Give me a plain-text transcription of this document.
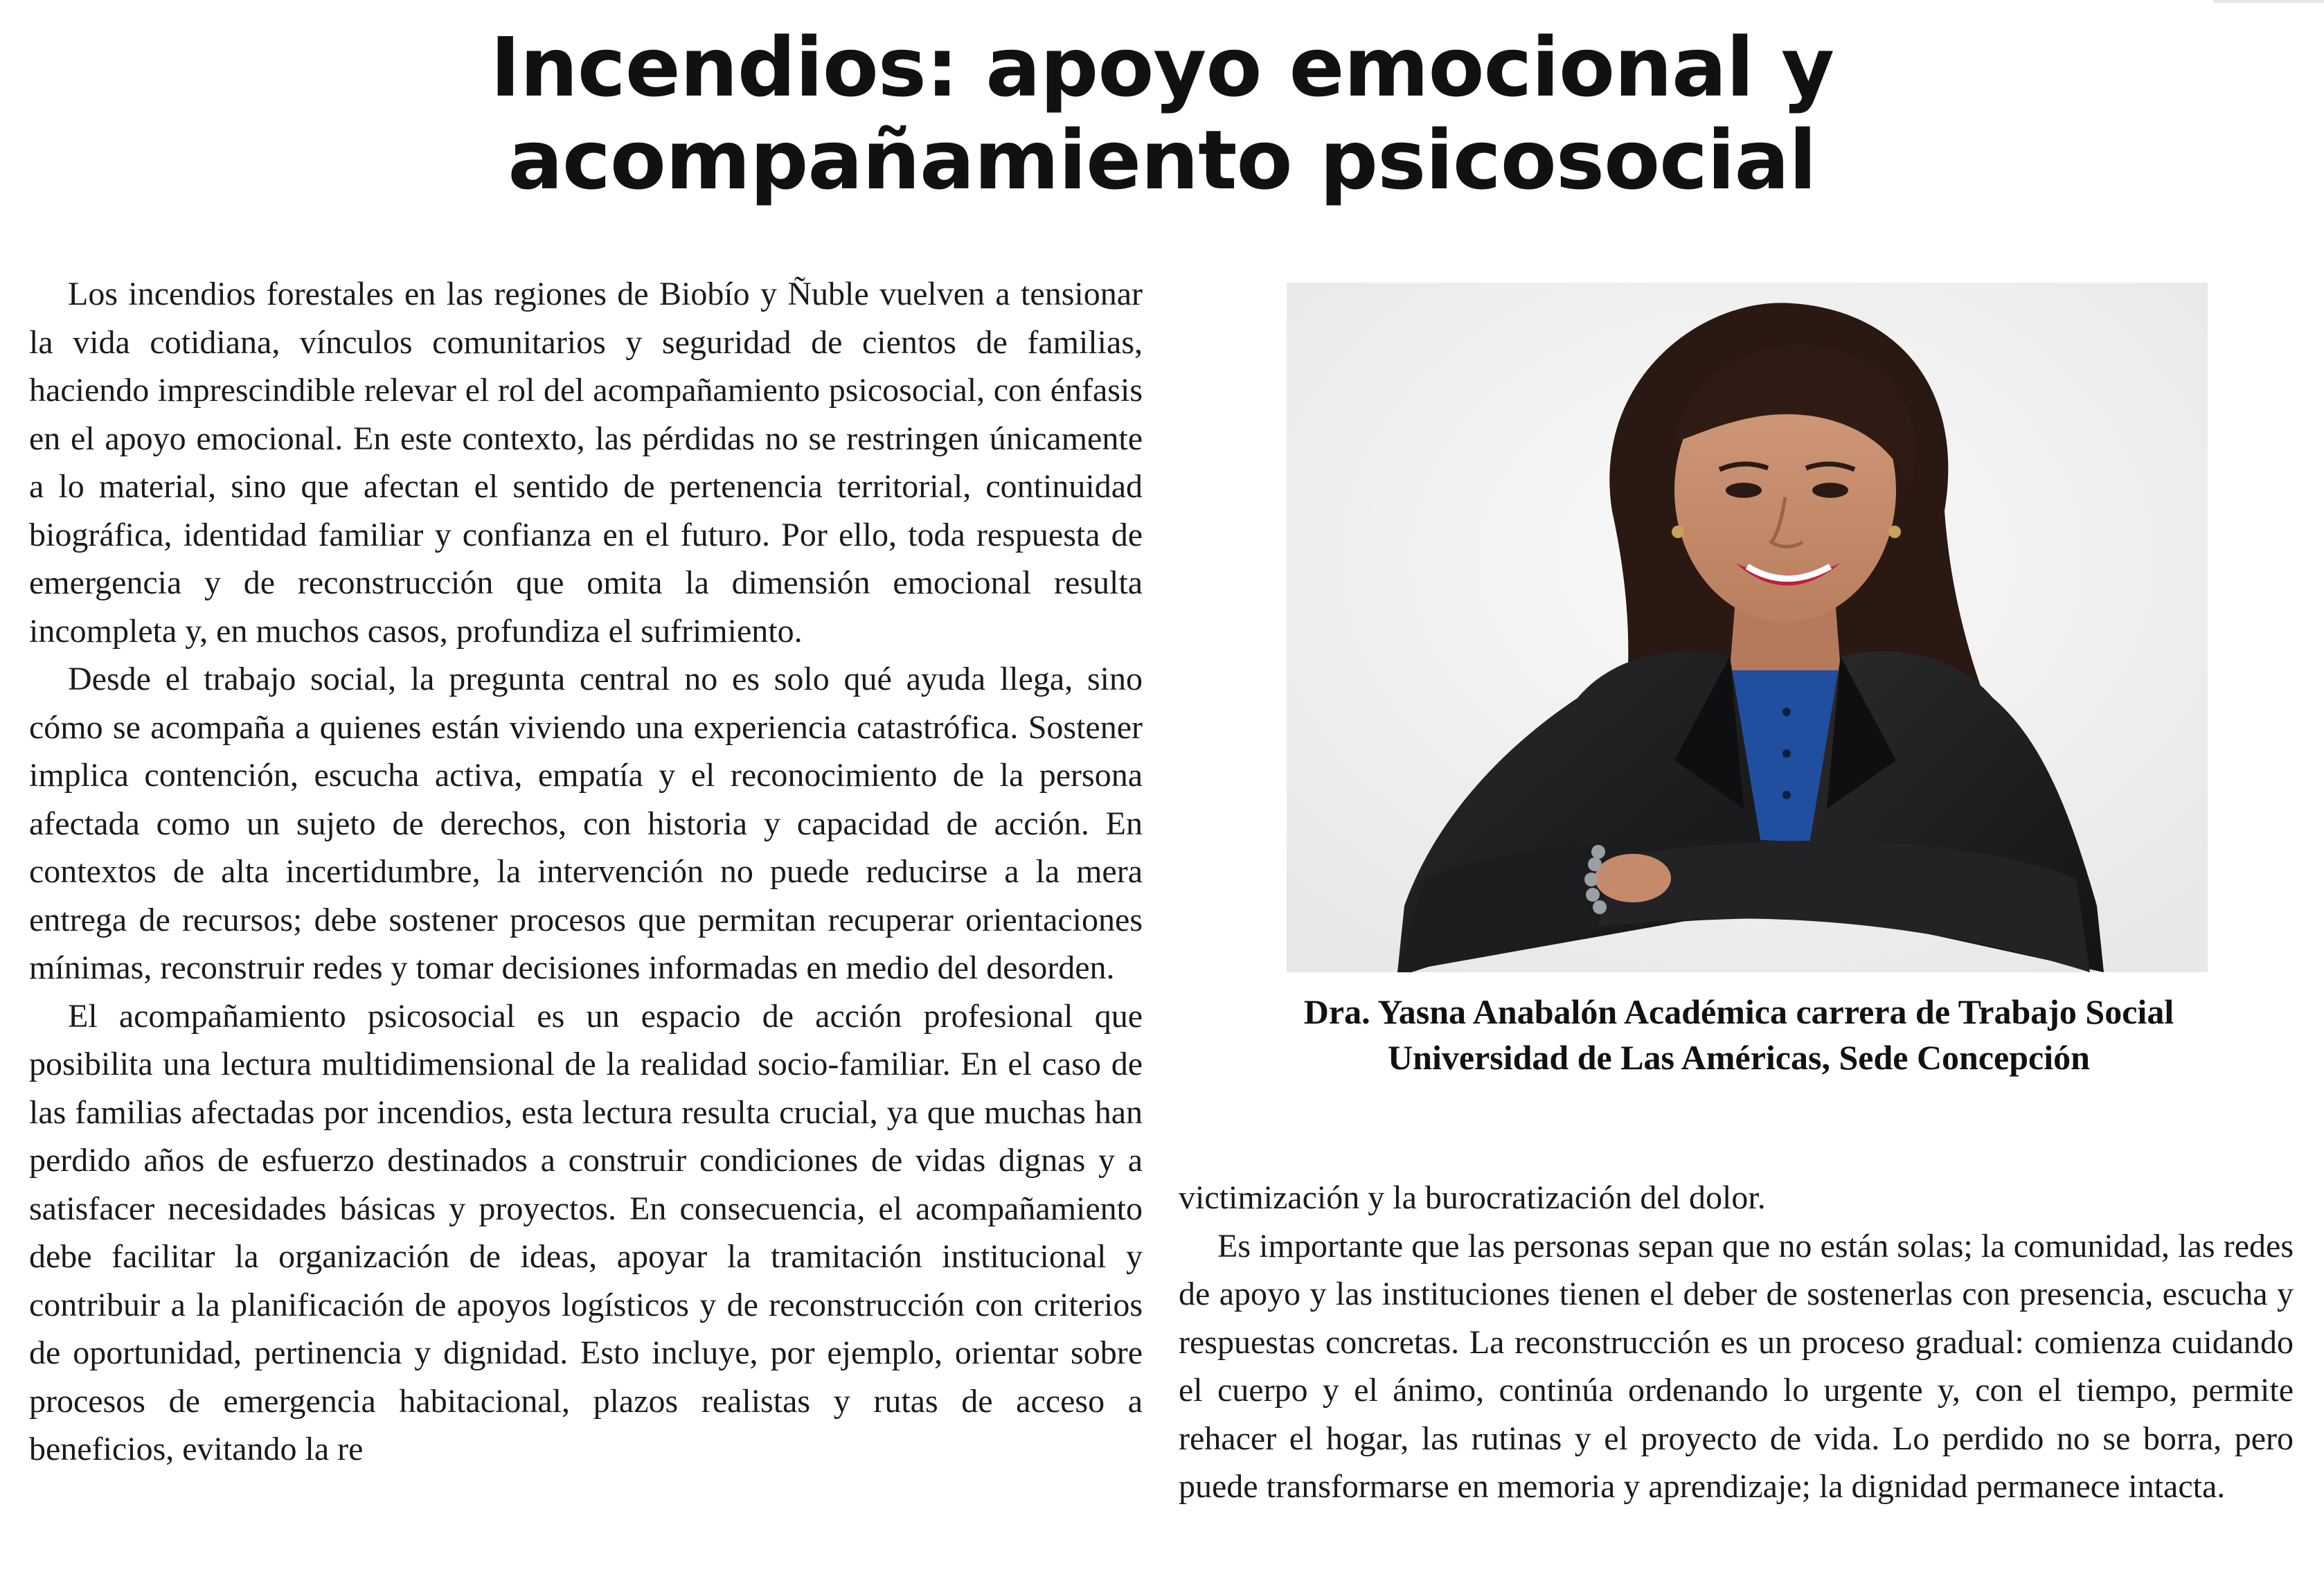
Incendios: apoyo emocional y
acompañamiento psicosocial

Los incendios forestales en las regiones de Biobío y Ñuble vuelven a tensionar la vida cotidiana, vínculos comunitarios y seguridad de cientos de familias, haciendo imprescindible relevar el rol del acompañamiento psicosocial, con énfasis en el apoyo emocional. En este contexto, las pérdidas no se restringen únicamente a lo material, sino que afectan el sentido de pertenencia territorial, continuidad biográfica, identidad familiar y confianza en el futuro. Por ello, toda respuesta de emergencia y de reconstrucción que omita la dimensión emocional resulta incompleta y, en muchos casos, profundiza el sufrimiento.

Desde el trabajo social, la pregunta central no es solo qué ayuda llega, sino cómo se acompaña a quienes están viviendo una experiencia catastrófica. Sostener implica contención, escucha activa, empatía y el reconocimiento de la persona afectada como un sujeto de derechos, con historia y capacidad de acción. En contextos de alta incertidumbre, la intervención no puede reducirse a la mera entrega de recursos; debe sostener procesos que permitan recuperar orientaciones mínimas, reconstruir redes y tomar decisiones informadas en medio del desorden.

El acompañamiento psicosocial es un espacio de acción profesional que posibilita una lectura multidimensional de la realidad socio-familiar. En el caso de las familias afectadas por incendios, esta lectura resulta crucial, ya que muchas han perdido años de esfuerzo destinados a construir condiciones de vidas dignas y a satisfacer necesidades básicas y proyectos. En consecuencia, el acompañamiento debe facilitar la organización de ideas, apoyar la tramitación institucional y contribuir a la planificación de apoyos logísticos y de reconstrucción con criterios de oportunidad, pertinencia y dignidad. Esto incluye, por ejemplo, orientar sobre procesos de emergencia habitacional, plazos realistas y rutas de acceso a beneficios, evitando la re

Dra. Yasna Anabalón Académica carrera de Trabajo Social
Universidad de Las Américas, Sede Concepción

victimización y la burocratización del dolor.

Es importante que las personas sepan que no están solas; la comunidad, las redes de apoyo y las instituciones tienen el deber de sostenerlas con presencia, escucha y respuestas concretas. La reconstrucción es un proceso gradual: comienza cuidando el cuerpo y el ánimo, continúa ordenando lo urgente y, con el tiempo, permite rehacer el hogar, las rutinas y el proyecto de vida. Lo perdido no se borra, pero puede transformarse en memoria y aprendizaje; la dignidad permanece intacta.
